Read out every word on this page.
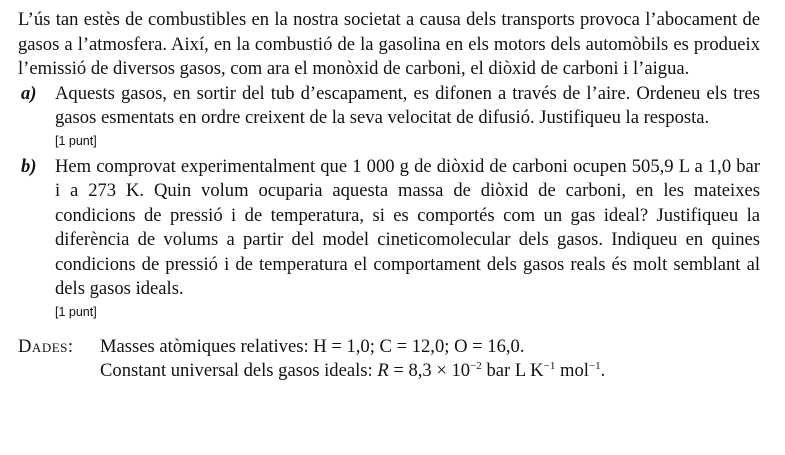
L’ús tan estès de combustibles en la nostra societat a causa dels transports provoca l’abocament de gasos a l’atmosfera. Així, en la combustió de la gasolina en els motors dels automòbils es produeix l’emissió de diversos gasos, com ara el monòxid de carboni, el diòxid de carboni i l’aigua.

a) Aquests gasos, en sortir del tub d’escapament, es difonen a través de l’aire. Ordeneu els tres gasos esmentats en ordre creixent de la seva velocitat de difusió. Justifiqueu la resposta.
[1 punt]
b) Hem comprovat experimentalment que 1 000 g de diòxid de carboni ocupen 505,9 L a 1,0 bar i a 273 K. Quin volum ocuparia aquesta massa de diòxid de carboni, en les mateixes condicions de pressió i de temperatura, si es comportés com un gas ideal? Justifiqueu la diferència de volums a partir del model cineticomolecular dels gasos. Indiqueu en quines condicions de pressió i de temperatura el comportament dels gasos reals és molt semblant al dels gasos ideals.
[1 punt]
Dades: Masses atòmiques relatives: H = 1,0; C = 12,0; O = 16,0.
Constant universal dels gasos ideals: $R = 8,3 \times 10^{-2}$ bar L $K^{-1}$ mol$^{-1}$.
